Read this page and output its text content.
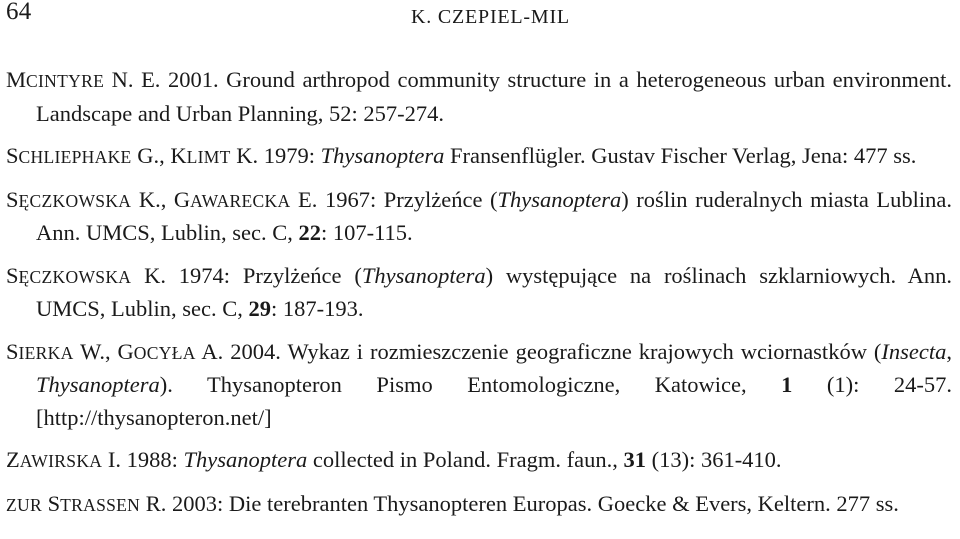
64	K. CZEPIEL-MIL

MCINTYRE N. E. 2001. Ground arthropod community structure in a heterogeneous urban environment. Landscape and Urban Planning, 52: 257-274.

SCHLIEPHAKE G., KLIMT K. 1979: Thysanoptera Fransenflügler. Gustav Fischer Verlag, Jena: 477 ss.

SĘCZKOWSKA K., GAWARECKA E. 1967: Przylżeńce (Thysanoptera) roślin ruderalnych miasta Lublina. Ann. UMCS, Lublin, sec. C, 22: 107-115.

SĘCZKOWSKA K. 1974: Przylżeńce (Thysanoptera) występujące na roślinach szklarniowych. Ann. UMCS, Lublin, sec. C, 29: 187-193.

SIERKA W., GOCYŁA A. 2004. Wykaz i rozmieszczenie geograficzne krajowych wciornastków (Insecta, Thysanoptera). Thysanopteron Pismo Entomologiczne, Katowice, 1 (1): 24-57. [http://thysanopteron.net/]

ZAWIRSKA I. 1988: Thysanoptera collected in Poland. Fragm. faun., 31 (13): 361-410.

ZUR STRASSEN R. 2003: Die terebranten Thysanopteren Europas. Goecke & Evers, Keltern. 277 ss.
